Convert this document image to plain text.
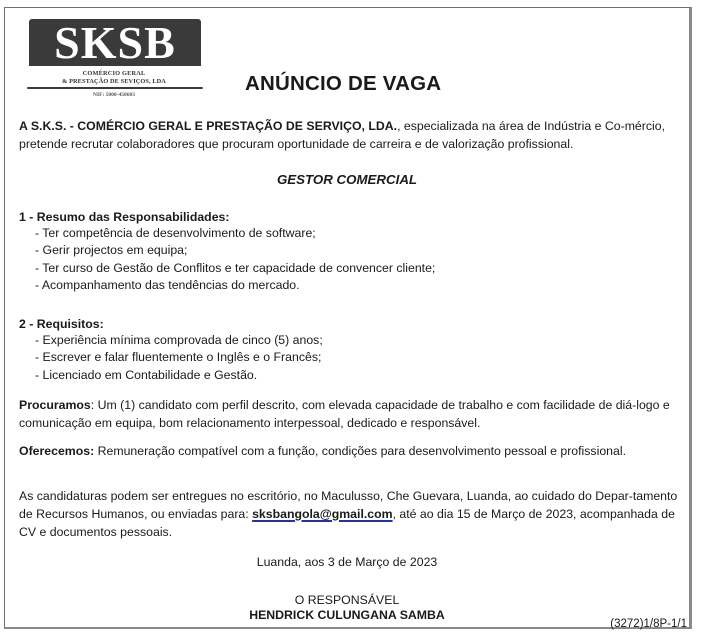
SKSB
COMÉRCIO GERAL
& PRESTAÇÃO DE SEVIÇOS, LDA
NIF: 5000-450603	ANÚNCIO DE VAGA

A S.K.S. - COMÉRCIO GERAL E PRESTAÇÃO DE SERVIÇO, LDA., especializada na área de Indústria e Co-mércio, pretende recrutar colaboradores que procuram oportunidade de carreira e de valorização profissional.

GESTOR COMERCIAL
1 - Resumo das Responsabilidades:
- Ter competência de desenvolvimento de software;
- Gerir projectos em equipa;
- Ter curso de Gestão de Conflitos e ter capacidade de convencer cliente;
- Acompanhamento das tendências do mercado.
2 - Requisitos:
- Experiência mínima comprovada de cinco (5) anos;
- Escrever e falar fluentemente o Inglês e o Francês;
- Licenciado em Contabilidade e Gestão.

Procuramos: Um (1) candidato com perfil descrito, com elevada capacidade de trabalho e com facilidade de diá-logo e comunicação em equipa, bom relacionamento interpessoal, dedicado e responsável.

Oferecemos: Remuneração compatível com a função, condições para desenvolvimento pessoal e profissional.

As candidaturas podem ser entregues no escritório, no Maculusso, Che Guevara, Luanda, ao cuidado do Depar-tamento de Recursos Humanos, ou enviadas para: sksbangola@gmail.com, até ao dia 15 de Março de 2023, acompanhada de CV e documentos pessoais.

Luanda, aos 3 de Março de 2023

O RESPONSÁVEL

HENDRICK CULUNGANA SAMBA

(3272)1/8P-1/1
